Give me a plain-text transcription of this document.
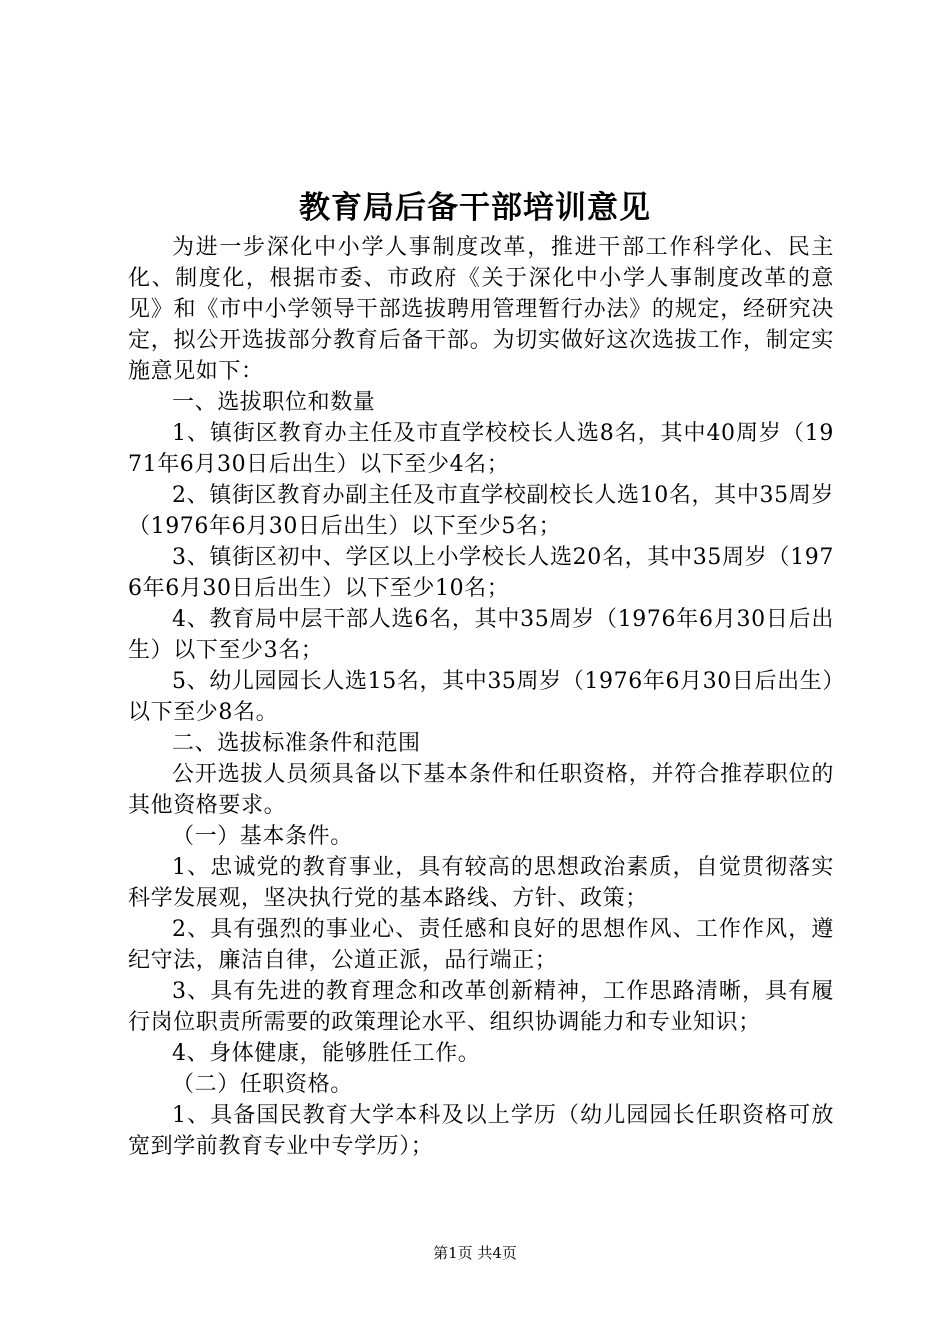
教育局后备干部培训意见

为进一步深化中小学人事制度改革，推进干部工作科学化、民主化、制度化，根据市委、市政府《关于深化中小学人事制度改革的意见》和《市中小学领导干部选拔聘用管理暂行办法》的规定，经研究决定，拟公开选拔部分教育后备干部。为切实做好这次选拔工作，制定实施意见如下：

一、选拔职位和数量

1、镇街区教育办主任及市直学校校长人选8名，其中40周岁（1971年6月30日后出生）以下至少4名；

2、镇街区教育办副主任及市直学校副校长人选10名，其中35周岁（1976年6月30日后出生）以下至少5名；

3、镇街区初中、学区以上小学校长人选20名，其中35周岁（1976年6月30日后出生）以下至少10名；

4、教育局中层干部人选6名，其中35周岁（1976年6月30日后出生）以下至少3名；

5、幼儿园园长人选15名，其中35周岁（1976年6月30日后出生）以下至少8名。

二、选拔标准条件和范围

公开选拔人员须具备以下基本条件和任职资格，并符合推荐职位的其他资格要求。

（一）基本条件。

1、忠诚党的教育事业，具有较高的思想政治素质，自觉贯彻落实科学发展观，坚决执行党的基本路线、方针、政策；

2、具有强烈的事业心、责任感和良好的思想作风、工作作风，遵纪守法，廉洁自律，公道正派，品行端正；

3、具有先进的教育理念和改革创新精神，工作思路清晰，具有履行岗位职责所需要的政策理论水平、组织协调能力和专业知识；

4、身体健康，能够胜任工作。

（二）任职资格。

1、具备国民教育大学本科及以上学历（幼儿园园长任职资格可放宽到学前教育专业中专学历）；

第1页 共4页
